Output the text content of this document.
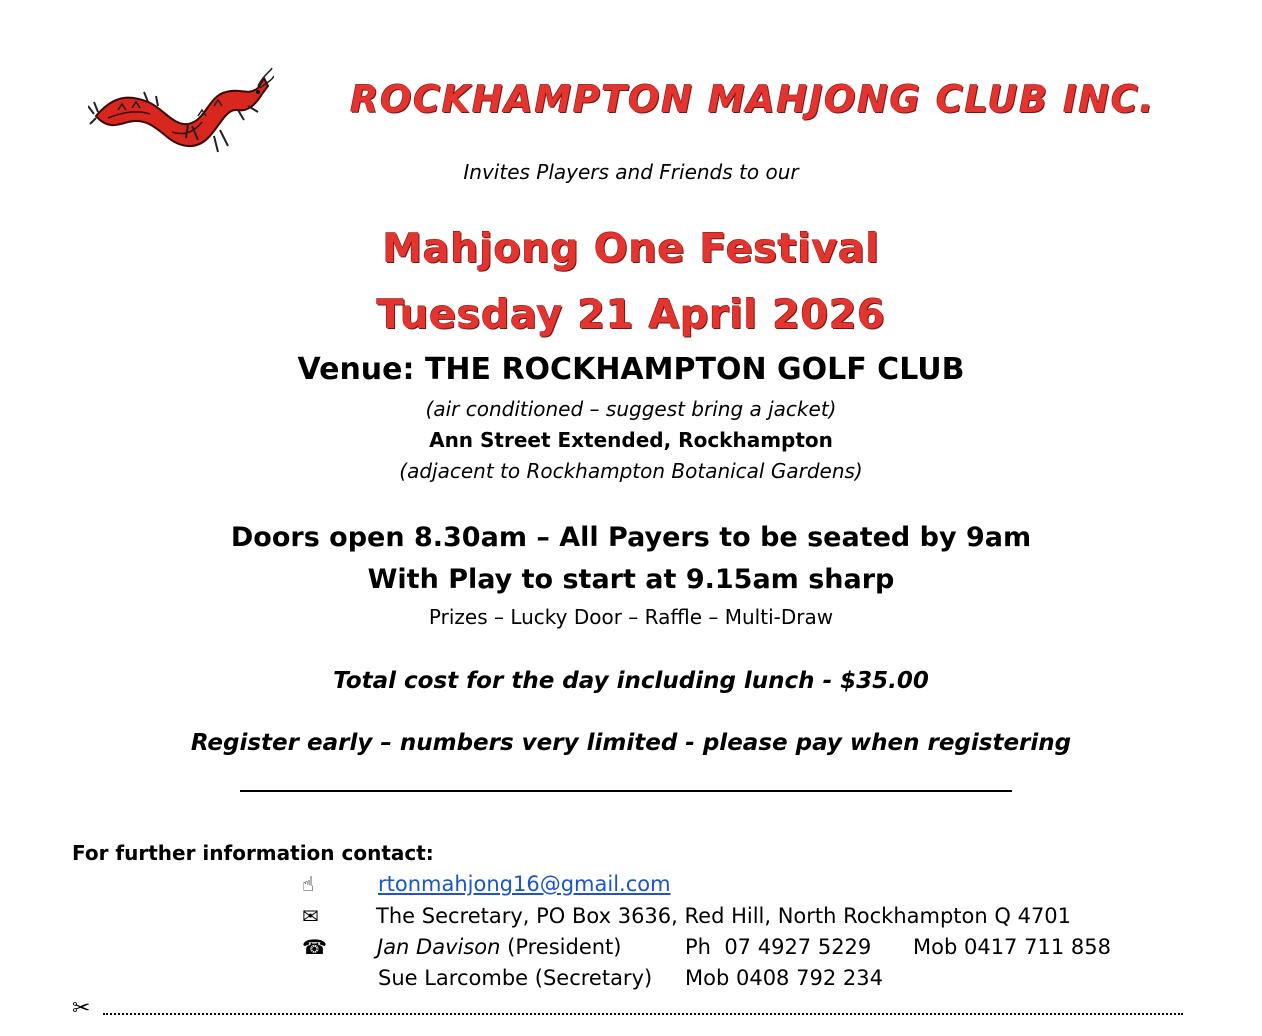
ROCKHAMPTON MAHJONG CLUB INC.
Invites Players and Friends to our
Mahjong One Festival
Tuesday 21 April 2026
Venue: THE ROCKHAMPTON GOLF CLUB
(air conditioned – suggest bring a jacket)
Ann Street Extended, Rockhampton
(adjacent to Rockhampton Botanical Gardens)
Doors open 8.30am – All Payers to be seated by 9am
With Play to start at 9.15am sharp
Prizes – Lucky Door – Raffle – Multi-Draw
Total cost for the day including lunch - $35.00
Register early – numbers very limited - please pay when registering
For further information contact:
☝	rtonmahjong16@gmail.com
✉	The Secretary, PO Box 3636, Red Hill, North Rockhampton Q 4701
☎ Jan Davison (President)	Ph  07 4927 5229 Mob 0417 711 858
Sue Larcombe (Secretary) Mob 0408 792 234
✂
